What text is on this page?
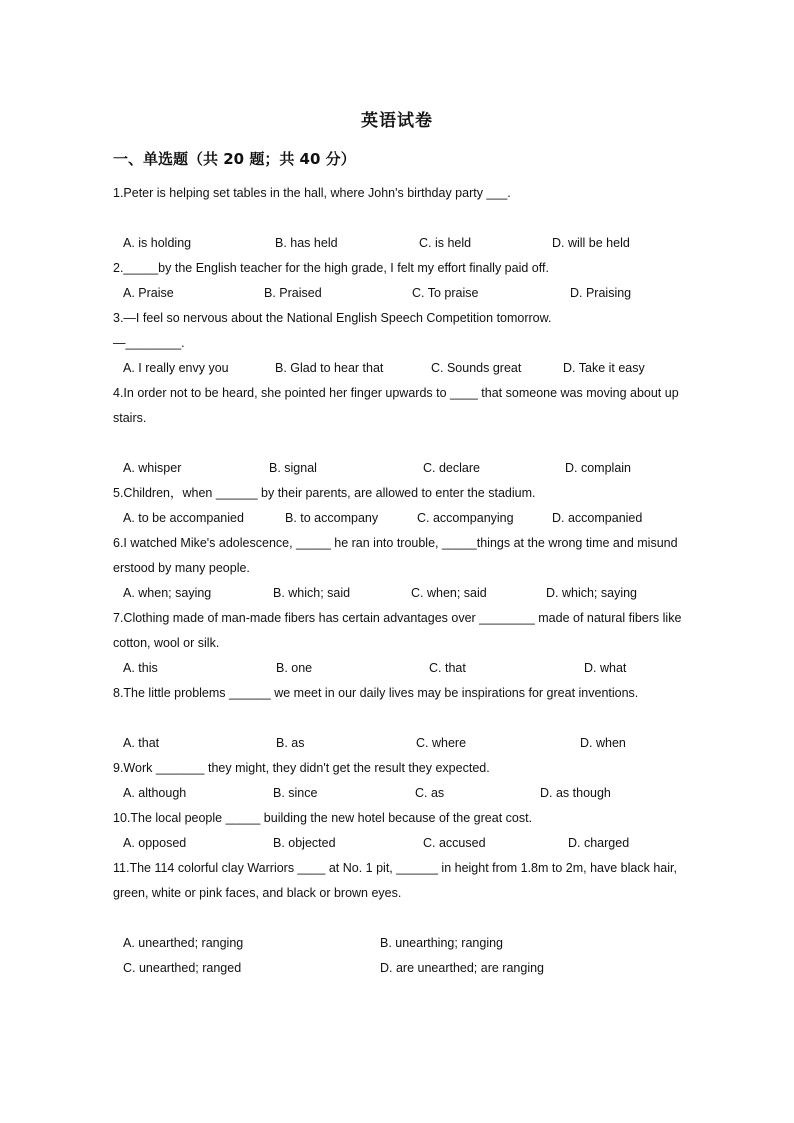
英语试卷
一、单选题（共 20 题；共 40 分）
1.Peter is helping set tables in the hall, where John's birthday party ___.
A. is holding	B. has held	C. is held	D. will be held
2._____by the English teacher for the high grade, I felt my effort finally paid off.
A. Praise	B. Praised	C. To praise	D. Praising
3.—I feel so nervous about the National English Speech Competition tomorrow.
—________.
A. I really envy you	B. Glad to hear that	C. Sounds great	D. Take it easy
4.In order not to be heard, she pointed her finger upwards to ____ that someone was moving about upstairs.
A. whisper	B. signal	C. declare	D. complain
5.Children，when ______ by their parents, are allowed to enter the stadium.
A. to be accompanied	B. to accompany	C. accompanying	D. accompanied
6.I watched Mike's adolescence, _____ he ran into trouble, _____things at the wrong time and misunderstood by many people.
A. when; saying	B. which; said	C. when; said	D. which; saying
7.Clothing made of man-made fibers has certain advantages over ________ made of natural fibers like cotton, wool or silk.
A. this	B. one	C. that	D. what
8.The little problems ______ we meet in our daily lives may be inspirations for great inventions.
A. that	B. as	C. where	D. when
9.Work _______ they might, they didn't get the result they expected.
A. although	B. since	C. as	D. as though
10.The local people _____ building the new hotel because of the great cost.
A. opposed	B. objected	C. accused	D. charged
11.The 114 colorful clay Warriors ____ at No. 1 pit, ______ in height from 1.8m to 2m, have black hair, green, white or pink faces, and black or brown eyes.
A. unearthed; ranging	B. unearthing; ranging
C. unearthed; ranged	D. are unearthed; are ranging
